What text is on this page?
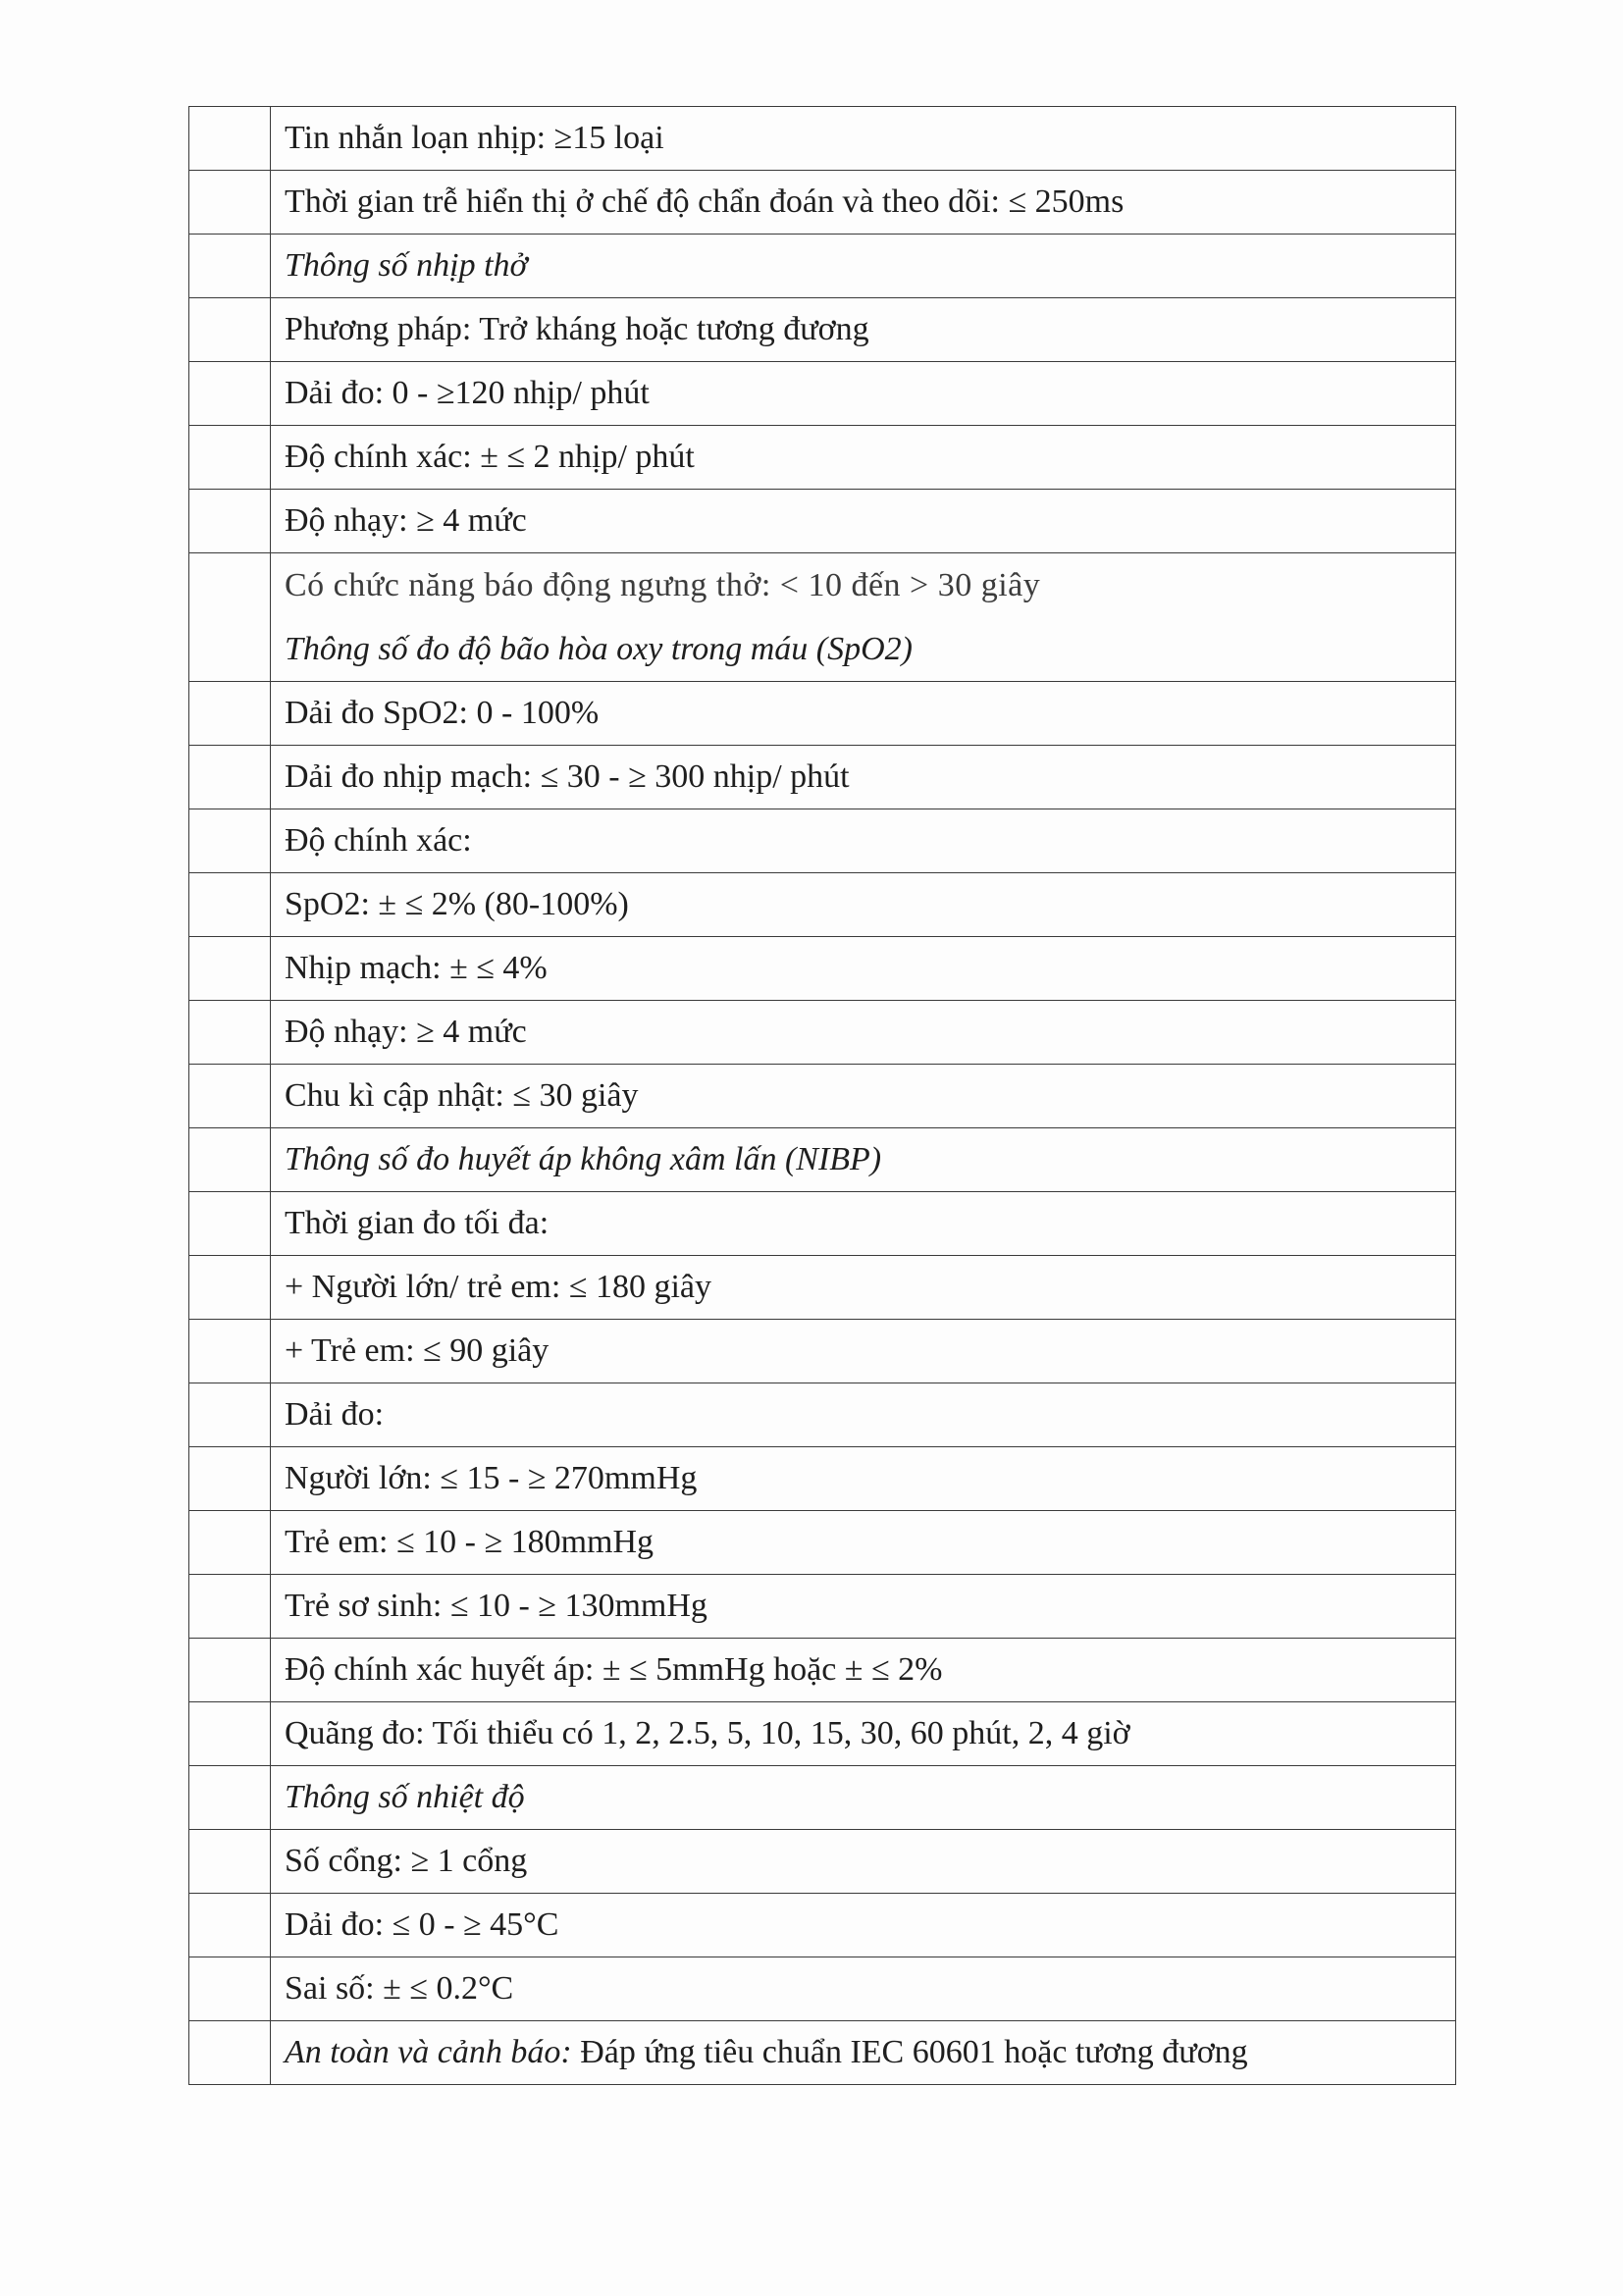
	Tin nhắn loạn nhịp: ≥15 loại
	Thời gian trễ hiển thị ở chế độ chẩn đoán và theo dõi: ≤ 250ms
	Thông số nhịp thở
	Phương pháp: Trở kháng hoặc tương đương
	Dải đo: 0 - ≥120 nhịp/ phút
	Độ chính xác: ± ≤ 2 nhịp/ phút
	Độ nhạy: ≥ 4 mức

	Có chức năng báo động ngưng thở: < 10 đến > 30 giây
Thông số đo độ bão hòa oxy trong máu (SpO2)

	Dải đo SpO2: 0 - 100%
	Dải đo nhịp mạch: ≤ 30 - ≥ 300 nhịp/ phút
	Độ chính xác:
	SpO2: ± ≤ 2% (80-100%)
	Nhịp mạch: ± ≤ 4%
	Độ nhạy: ≥ 4 mức
	Chu kì cập nhật: ≤ 30 giây
	Thông số đo huyết áp không xâm lấn (NIBP)
	Thời gian đo tối đa:
	+ Người lớn/ trẻ em: ≤ 180 giây
	+ Trẻ em: ≤ 90 giây
	Dải đo:
	Người lớn: ≤ 15 - ≥ 270mmHg
	Trẻ em: ≤ 10 - ≥ 180mmHg
	Trẻ sơ sinh: ≤ 10 - ≥ 130mmHg
	Độ chính xác huyết áp: ± ≤ 5mmHg hoặc ± ≤ 2%
	Quãng đo: Tối thiểu có 1, 2, 2.5, 5, 10, 15, 30, 60 phút, 2, 4 giờ
	Thông số nhiệt độ
	Số cổng: ≥ 1 cổng
	Dải đo: ≤ 0 - ≥ 45°C
	Sai số: ± ≤ 0.2°C
	An toàn và cảnh báo: Đáp ứng tiêu chuẩn IEC 60601 hoặc tương đương
